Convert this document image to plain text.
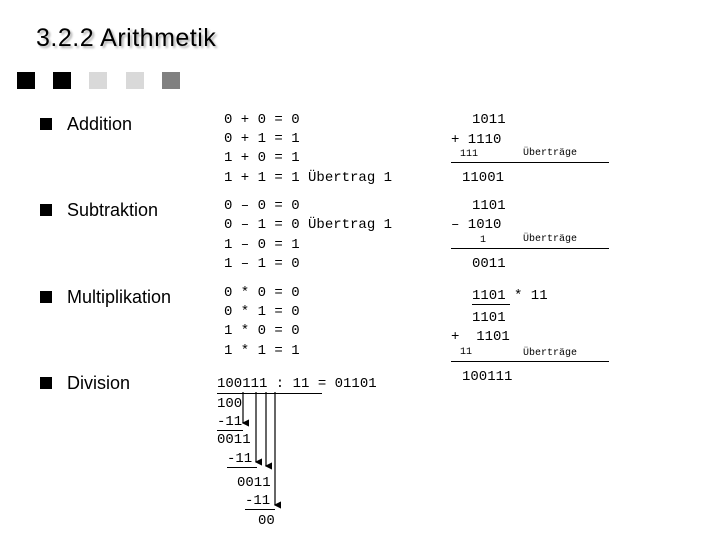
3.2.2 Arithmetik
Addition	0 + 0 = 0
0 + 1 = 1
1 + 0 = 1
1 + 1 = 1 Übertrag 1
1011
+ 1110
111	Überträge
11001
Subtraktion	0 – 0 = 0
0 – 1 = 0 Übertrag 1
1 – 0 = 1
1 – 1 = 0
1101
– 1010
1	Überträge
0011
Multiplikation	0 * 0 = 0
0 * 1 = 0
1 * 0 = 0
1 * 1 = 1
1101 * 11
1101
+  1101
11	Überträge
100111
Division	100111 : 11 = 01101
100
-11
0011
-11
0011
-11
00
